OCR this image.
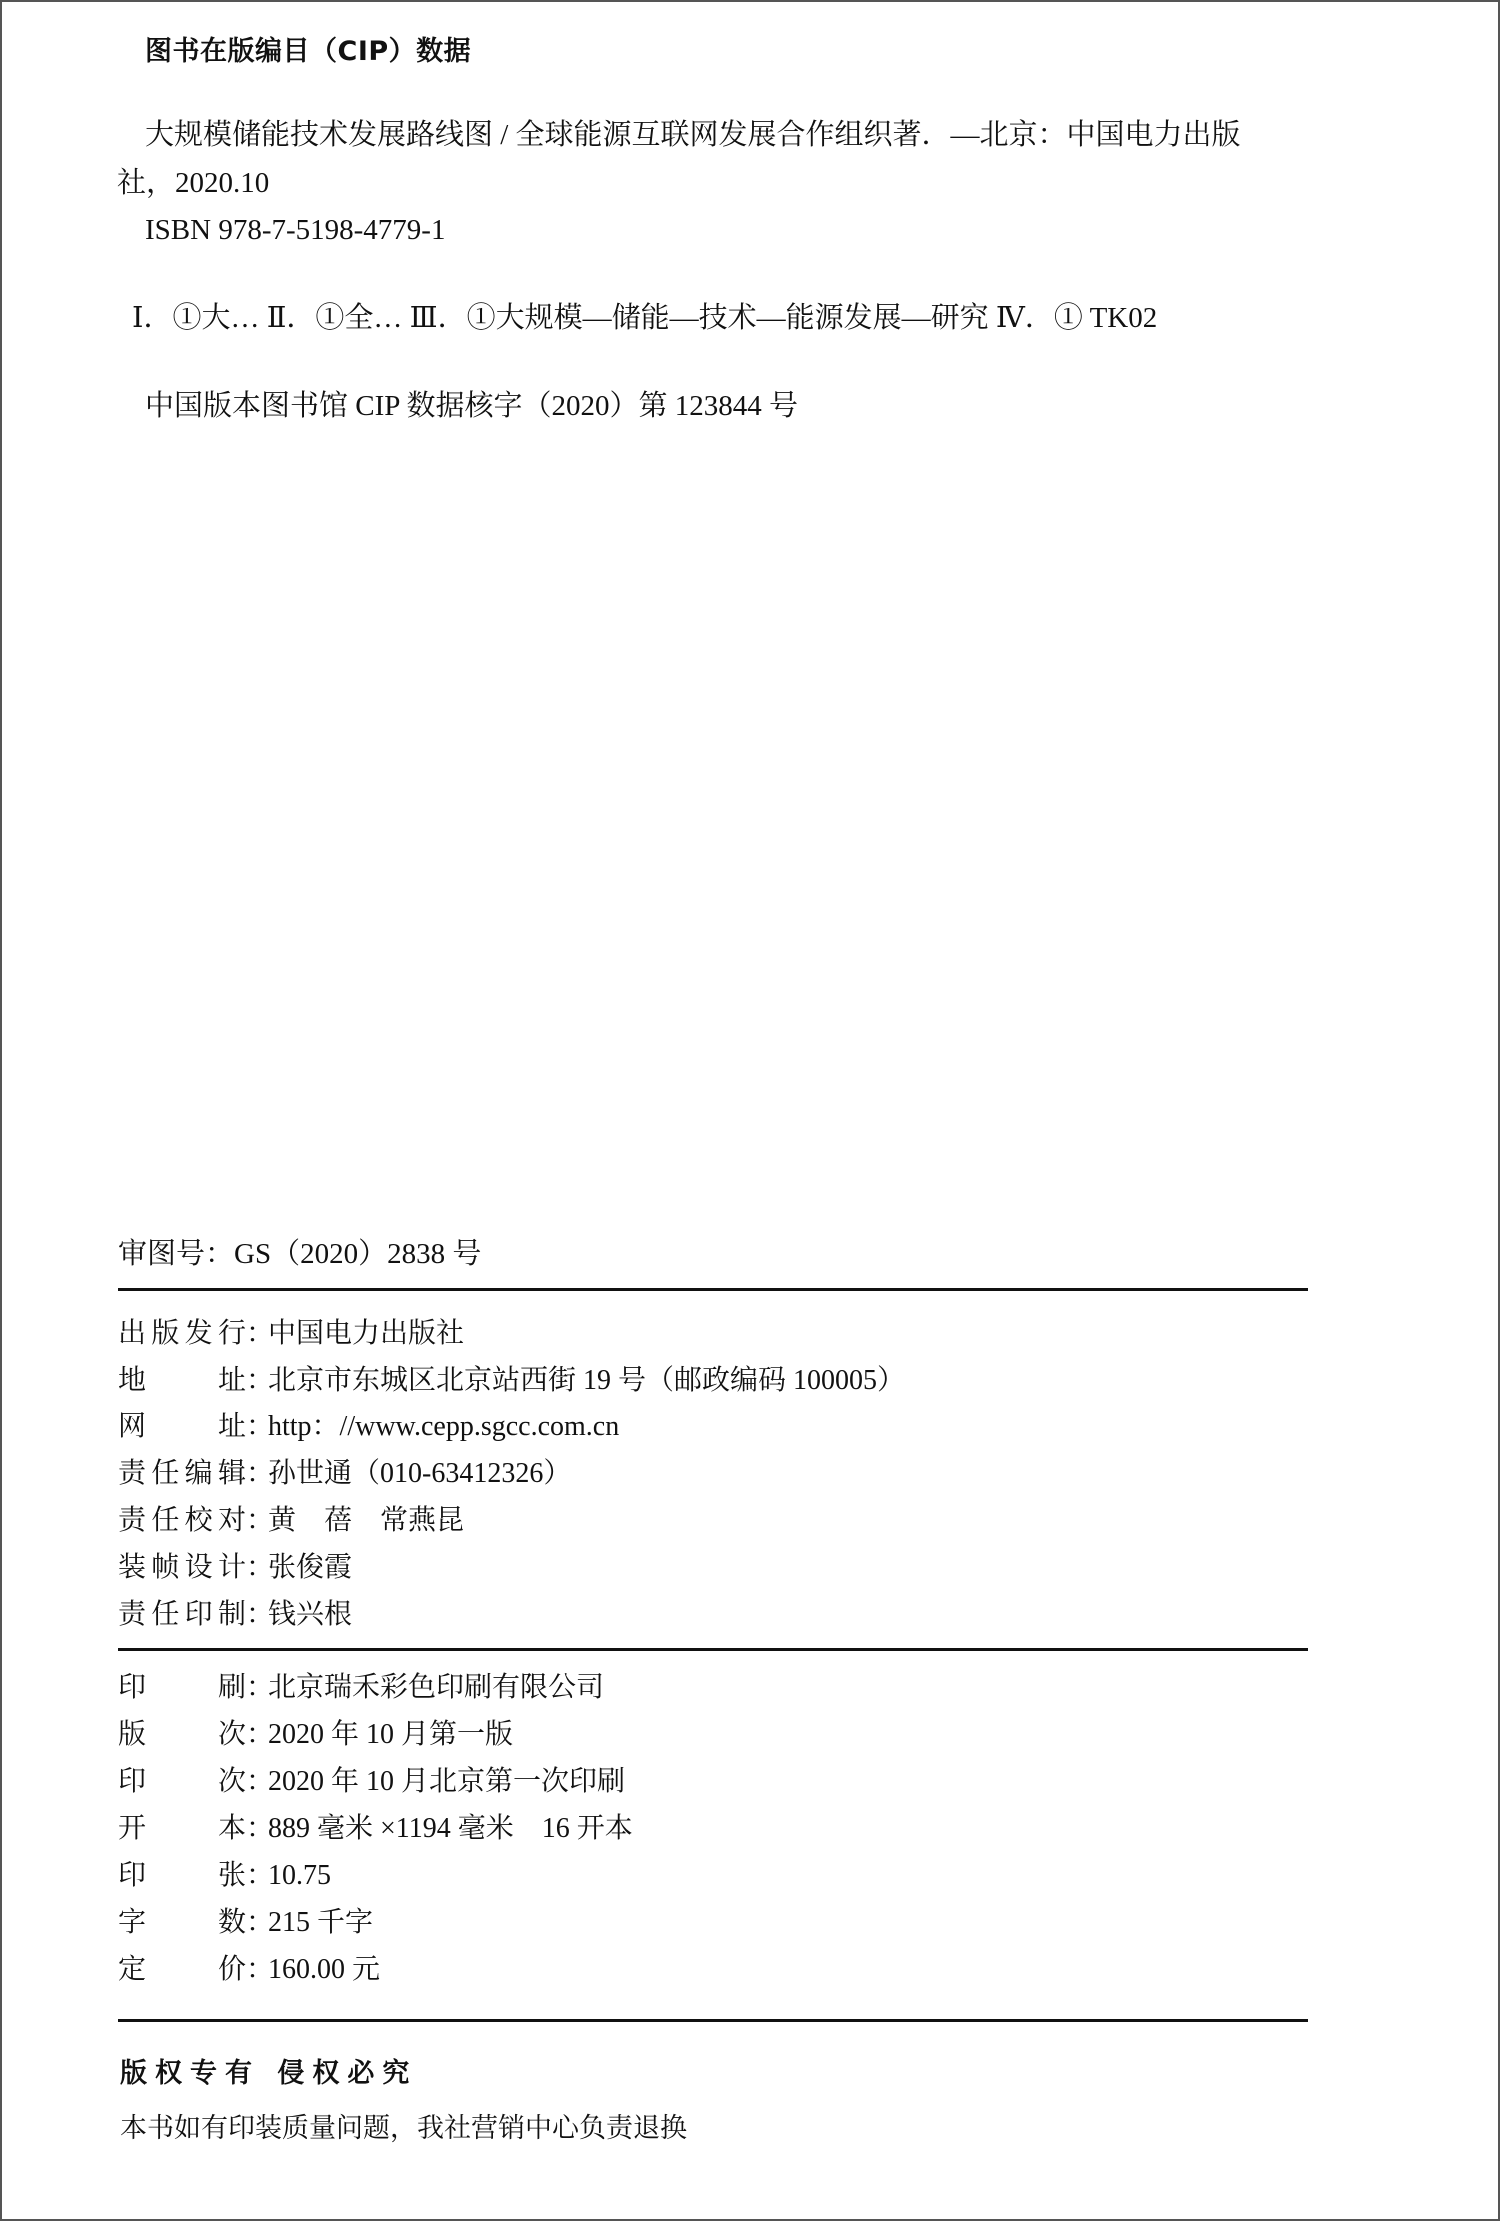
图书在版编目（CIP）数据
大规模储能技术发展路线图 / 全球能源互联网发展合作组织著．—北京：中国电力出版
社，2020.10
ISBN 978-7-5198-4779-1
Ⅰ．①大… Ⅱ．①全… Ⅲ．①大规模—储能—技术—能源发展—研究 Ⅳ．① TK02
中国版本图书馆 CIP 数据核字（2020）第 123844 号
审图号：GS（2020）2838 号
出 版 发 行 ：
中国电力出版社
地	址 ：
北京市东城区北京站西街 19 号（邮政编码 100005）
网	址 ：
http：//www.cepp.sgcc.com.cn
责 任 编 辑 ：
孙世通（010-63412326）
责 任 校 对 ：
黄　蓓　常燕昆
装 帧 设 计 ：
张俊霞
责 任 印 制 ：
钱兴根
印	刷 ：
北京瑞禾彩色印刷有限公司
版	次 ：
2020 年 10 月第一版
印	次 ：
2020 年 10 月北京第一次印刷
开	本 ：
889 毫米 ×1194 毫米　16 开本
印	张 ：
10.75
字	数 ：
215 千字
定	价 ：
160.00 元
版权专有 侵权必究
本书如有印装质量问题，我社营销中心负责退换
